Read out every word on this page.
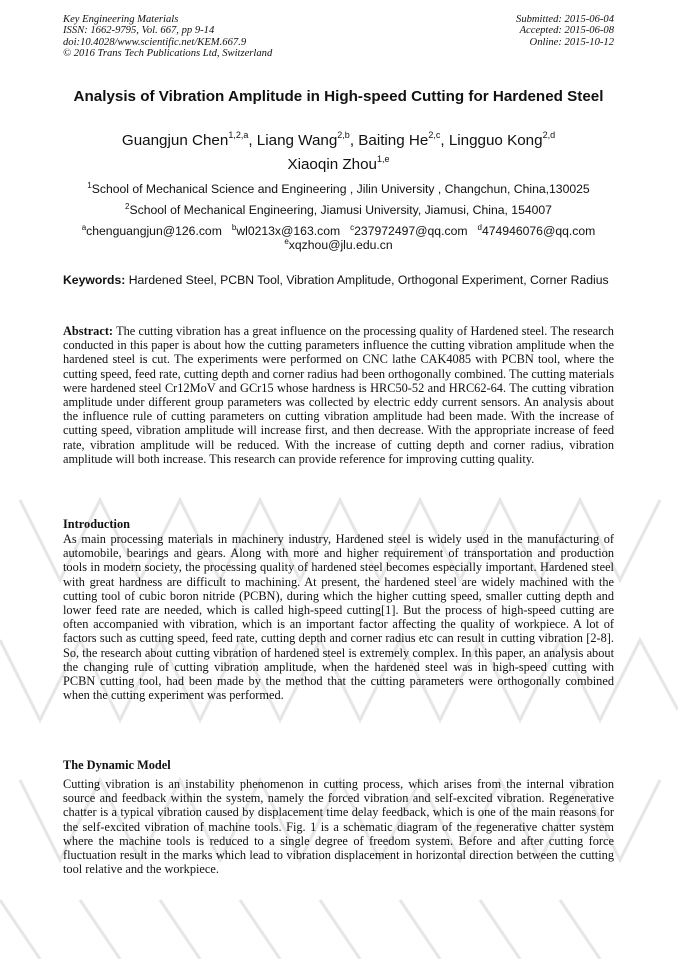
Key Engineering Materials
ISSN: 1662-9795, Vol. 667, pp 9-14
doi:10.4028/www.scientific.net/KEM.667.9
© 2016 Trans Tech Publications Ltd, Switzerland
Submitted: 2015-06-04
Accepted: 2015-06-08
Online: 2015-10-12
Analysis of Vibration Amplitude in High-speed Cutting for Hardened Steel
Guangjun Chen$^{1,2,a}$, Liang Wang$^{2,b}$, Baiting He$^{2,c}$, Lingguo Kong$^{2,d}$
Xiaoqin Zhou$^{1,e}$
$^1$School of Mechanical Science and Engineering , Jilin University , Changchun, China,130025
$^2$School of Mechanical Engineering, Jiamusi University, Jiamusi, China, 154007
$^a$chenguangjun@126.com $^b$wl0213x@163.com $^c$237972497@qq.com $^d$474946076@qq.com
$^e$xqzhou@jlu.edu.cn
Keywords: Hardened Steel, PCBN Tool, Vibration Amplitude, Orthogonal Experiment, Corner Radius
Abstract: The cutting vibration has a great influence on the processing quality of Hardened steel. The research conducted in this paper is about how the cutting parameters influence the cutting vibration amplitude when the hardened steel is cut. The experiments were performed on CNC lathe CAK4085 with PCBN tool, where the cutting speed, feed rate, cutting depth and corner radius had been orthogonally combined. The cutting materials were hardened steel Cr12MoV and GCr15 whose hardness is HRC50-52 and HRC62-64. The cutting vibration amplitude under different group parameters was collected by electric eddy current sensors. An analysis about the influence rule of cutting parameters on cutting vibration amplitude had been made. With the increase of cutting speed, vibration amplitude will increase first, and then decrease. With the appropriate increase of feed rate, vibration amplitude will be reduced. With the increase of cutting depth and corner radius, vibration amplitude will both increase. This research can provide reference for improving cutting quality.
Introduction
As main processing materials in machinery industry, Hardened steel is widely used in the manufacturing of automobile, bearings and gears. Along with more and higher requirement of transportation and production tools in modern society, the processing quality of hardened steel becomes especially important. Hardened steel with great hardness are difficult to machining. At present, the hardened steel are widely machined with the cutting tool of cubic boron nitride (PCBN), during which the higher cutting speed, smaller cutting depth and lower feed rate are needed, which is called high-speed cutting[1]. But the process of high-speed cutting are often accompanied with vibration, which is an important factor affecting the quality of workpiece. A lot of factors such as cutting speed, feed rate, cutting depth and corner radius etc can result in cutting vibration [2-8]. So, the research about cutting vibration of hardened steel is extremely complex. In this paper, an analysis about the changing rule of cutting vibration amplitude, when the hardened steel was in high-speed cutting with PCBN cutting tool, had been made by the method that the cutting parameters were orthogonally combined when the cutting experiment was performed.
The Dynamic Model
Cutting vibration is an instability phenomenon in cutting process, which arises from the internal vibration source and feedback within the system, namely the forced vibration and self-excited vibration. Regenerative chatter is a typical vibration caused by displacement time delay feedback, which is one of the main reasons for the self-excited vibration of machine tools. Fig. 1 is a schematic diagram of the regenerative chatter system where the machine tools is reduced to a single degree of freedom system. Before and after cutting force fluctuation result in the marks which lead to vibration displacement in horizontal direction between the cutting tool relative and the workpiece.
